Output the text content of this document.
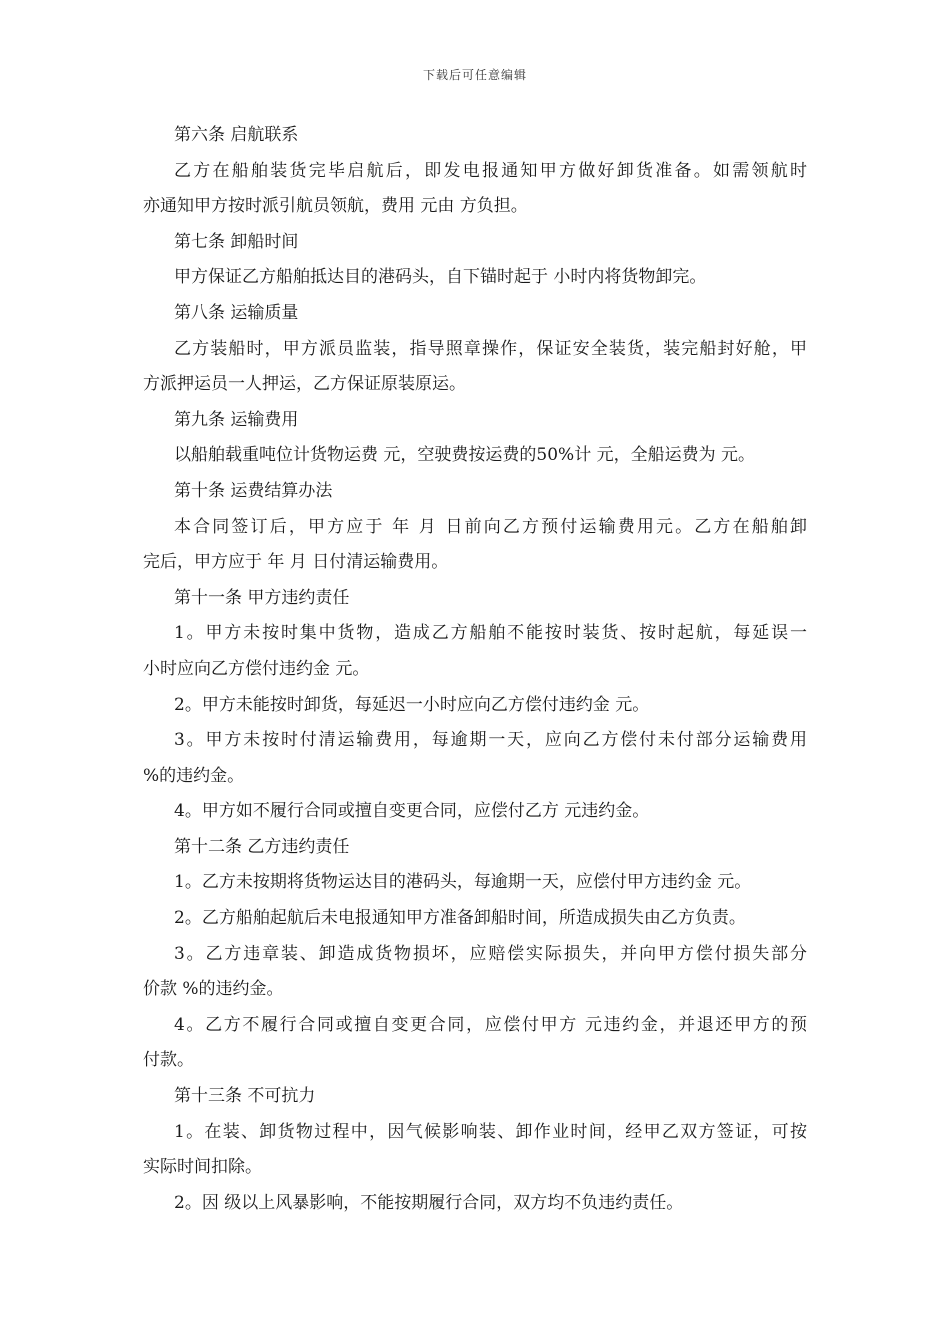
下载后可任意编辑
第六条 启航联系
乙方在船舶装货完毕启航后，即发电报通知甲方做好卸货准备。如需领航时
亦通知甲方按时派引航员领航，费用 元由 方负担。
第七条 卸船时间
甲方保证乙方船舶抵达目的港码头，自下锚时起于 小时内将货物卸完。
第八条 运输质量
乙方装船时，甲方派员监装，指导照章操作，保证安全装货，装完船封好舱，甲
方派押运员一人押运，乙方保证原装原运。
第九条 运输费用
以船舶载重吨位计货物运费 元，空驶费按运费的50%计 元，全船运费为 元。
第十条 运费结算办法
本合同签订后，甲方应于 年 月 日前向乙方预付运输费用元。乙方在船舶卸
完后，甲方应于 年 月 日付清运输费用。
第十一条 甲方违约责任
1。甲方未按时集中货物，造成乙方船舶不能按时装货、按时起航，每延误一
小时应向乙方偿付违约金 元。
2。甲方未能按时卸货，每延迟一小时应向乙方偿付违约金 元。
3。甲方未按时付清运输费用，每逾期一天，应向乙方偿付未付部分运输费用
%的违约金。
4。甲方如不履行合同或擅自变更合同，应偿付乙方 元违约金。
第十二条 乙方违约责任
1。乙方未按期将货物运达目的港码头，每逾期一天，应偿付甲方违约金 元。
2。乙方船舶起航后未电报通知甲方准备卸船时间，所造成损失由乙方负责。
3。乙方违章装、卸造成货物损坏，应赔偿实际损失，并向甲方偿付损失部分
价款 %的违约金。
4。乙方不履行合同或擅自变更合同，应偿付甲方 元违约金，并退还甲方的预
付款。
第十三条 不可抗力
1。在装、卸货物过程中，因气候影响装、卸作业时间，经甲乙双方签证，可按
实际时间扣除。
2。因 级以上风暴影响，不能按期履行合同，双方均不负违约责任。
